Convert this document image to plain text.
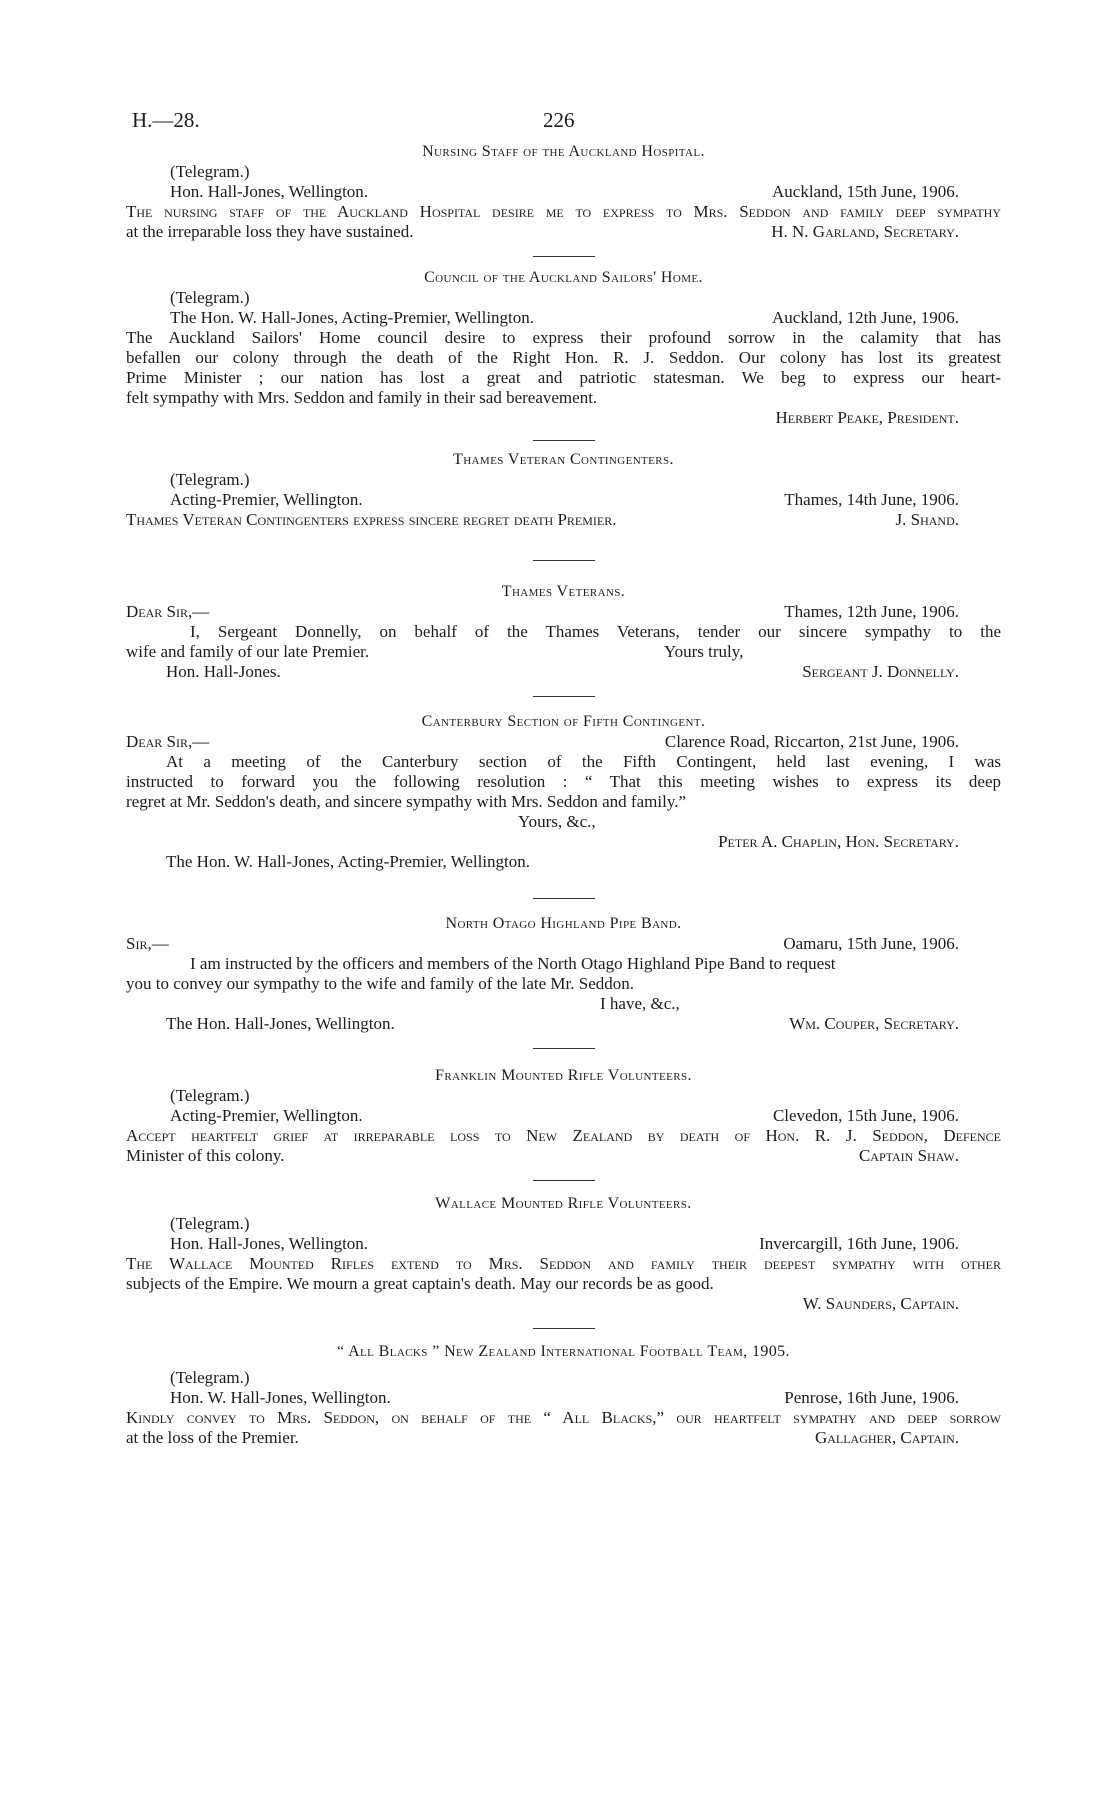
H.—28.	226
Nursing Staff of the Auckland Hospital.
(Telegram.)
Hon. Hall-Jones, Wellington.	Auckland, 15th June, 1906.
The nursing staff of the Auckland Hospital desire me to express to Mrs. Seddon and family deep sympathy
at the irreparable loss they have sustained.	H. N. Garland, Secretary.
Council of the Auckland Sailors' Home.
(Telegram.)
The Hon. W. Hall-Jones, Acting-Premier, Wellington.	Auckland, 12th June, 1906.
The Auckland Sailors' Home council desire to express their profound sorrow in the calamity that has
befallen our colony through the death of the Right Hon. R. J. Seddon. Our colony has lost its greatest
Prime Minister ; our nation has lost a great and patriotic statesman. We beg to express our heart-
felt sympathy with Mrs. Seddon and family in their sad bereavement.
Herbert Peake, President.
Thames Veteran Contingenters.
(Telegram.)
Acting-Premier, Wellington.	Thames, 14th June, 1906.
Thames Veteran Contingenters express sincere regret death Premier.	J. Shand.
Thames Veterans.
Dear Sir,—	Thames, 12th June, 1906.
I, Sergeant Donnelly, on behalf of the Thames Veterans, tender our sincere sympathy to the
wife and family of our late Premier.	Yours truly,
Hon. Hall-Jones.	Sergeant J. Donnelly.
Canterbury Section of Fifth Contingent.
Dear Sir,—	Clarence Road, Riccarton, 21st June, 1906.
At a meeting of the Canterbury section of the Fifth Contingent, held last evening, I was
instructed to forward you the following resolution : “ That this meeting wishes to express its deep
regret at Mr. Seddon's death, and sincere sympathy with Mrs. Seddon and family.”
Yours, &c.,
Peter A. Chaplin, Hon. Secretary.
The Hon. W. Hall-Jones, Acting-Premier, Wellington.
North Otago Highland Pipe Band.
Sir,—	Oamaru, 15th June, 1906.
I am instructed by the officers and members of the North Otago Highland Pipe Band to request
you to convey our sympathy to the wife and family of the late Mr. Seddon.
I have, &c.,
The Hon. Hall-Jones, Wellington.	Wm. Couper, Secretary.
Franklin Mounted Rifle Volunteers.
(Telegram.)
Acting-Premier, Wellington.	Clevedon, 15th June, 1906.
Accept heartfelt grief at irreparable loss to New Zealand by death of Hon. R. J. Seddon, Defence
Minister of this colony.	Captain Shaw.
Wallace Mounted Rifle Volunteers.
(Telegram.)
Hon. Hall-Jones, Wellington.	Invercargill, 16th June, 1906.
The Wallace Mounted Rifles extend to Mrs. Seddon and family their deepest sympathy with other
subjects of the Empire. We mourn a great captain's death. May our records be as good.
W. Saunders, Captain.
“ All Blacks ” New Zealand International Football Team, 1905.
(Telegram.)
Hon. W. Hall-Jones, Wellington.	Penrose, 16th June, 1906.
Kindly convey to Mrs. Seddon, on behalf of the “ All Blacks,” our heartfelt sympathy and deep sorrow
at the loss of the Premier.	Gallagher, Captain.
